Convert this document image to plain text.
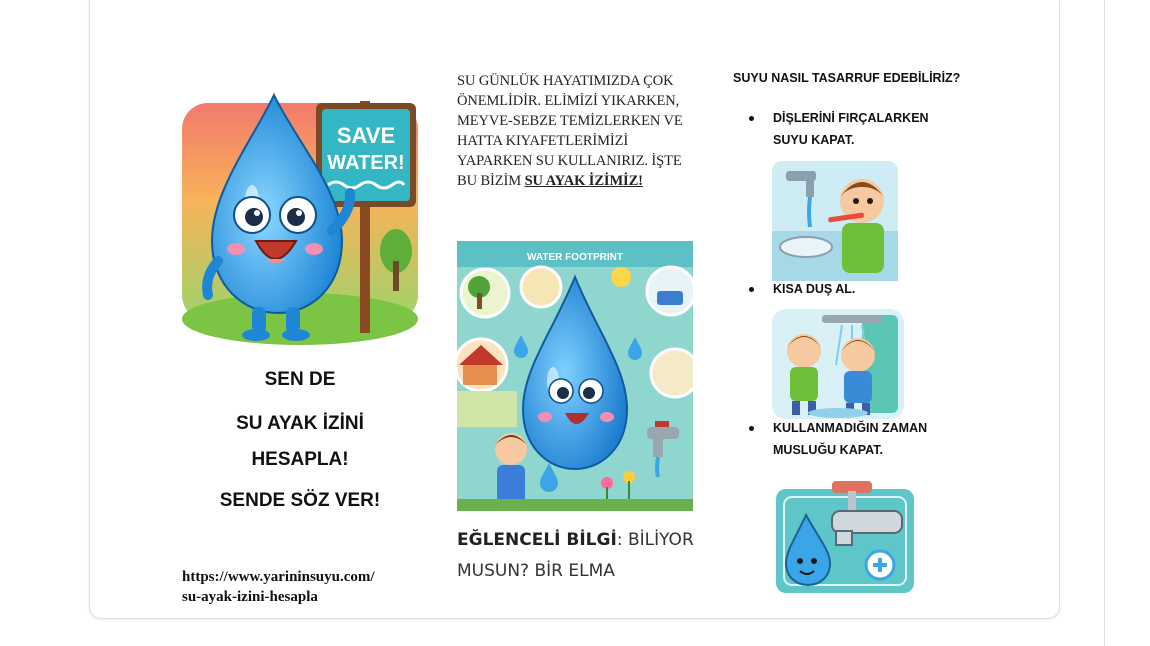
SAVE
WATER!
SEN DE
SU AYAK İZİNİ
HESAPLA!
SENDE SÖZ VER!
https://www.yarininsuyu.com/
su-ayak-izini-hesapla
SU GÜNLÜK HAYATIMIZDA ÇOK ÖNEMLİDİR. ELİMİZİ YIKARKEN, MEYVE-SEBZE TEMİZLERKEN VE HATTA KIYAFETLERİMİZİ YAPARKEN SU KULLANIRIZ. İŞTE BU BİZİM SU AYAK İZİMİZ!
WATER FOOTPRINT
EĞLENCELİ BİLGİ: BİLİYOR MUSUN? BİR ELMA
SUYU NASIL TASARRUF EDEBİLİRİZ?
DİŞLERİNİ FIRÇALARKEN SUYU KAPAT.
KISA DUŞ AL.
KULLANMADIĞIN ZAMAN MUSLUĞU KAPAT.
